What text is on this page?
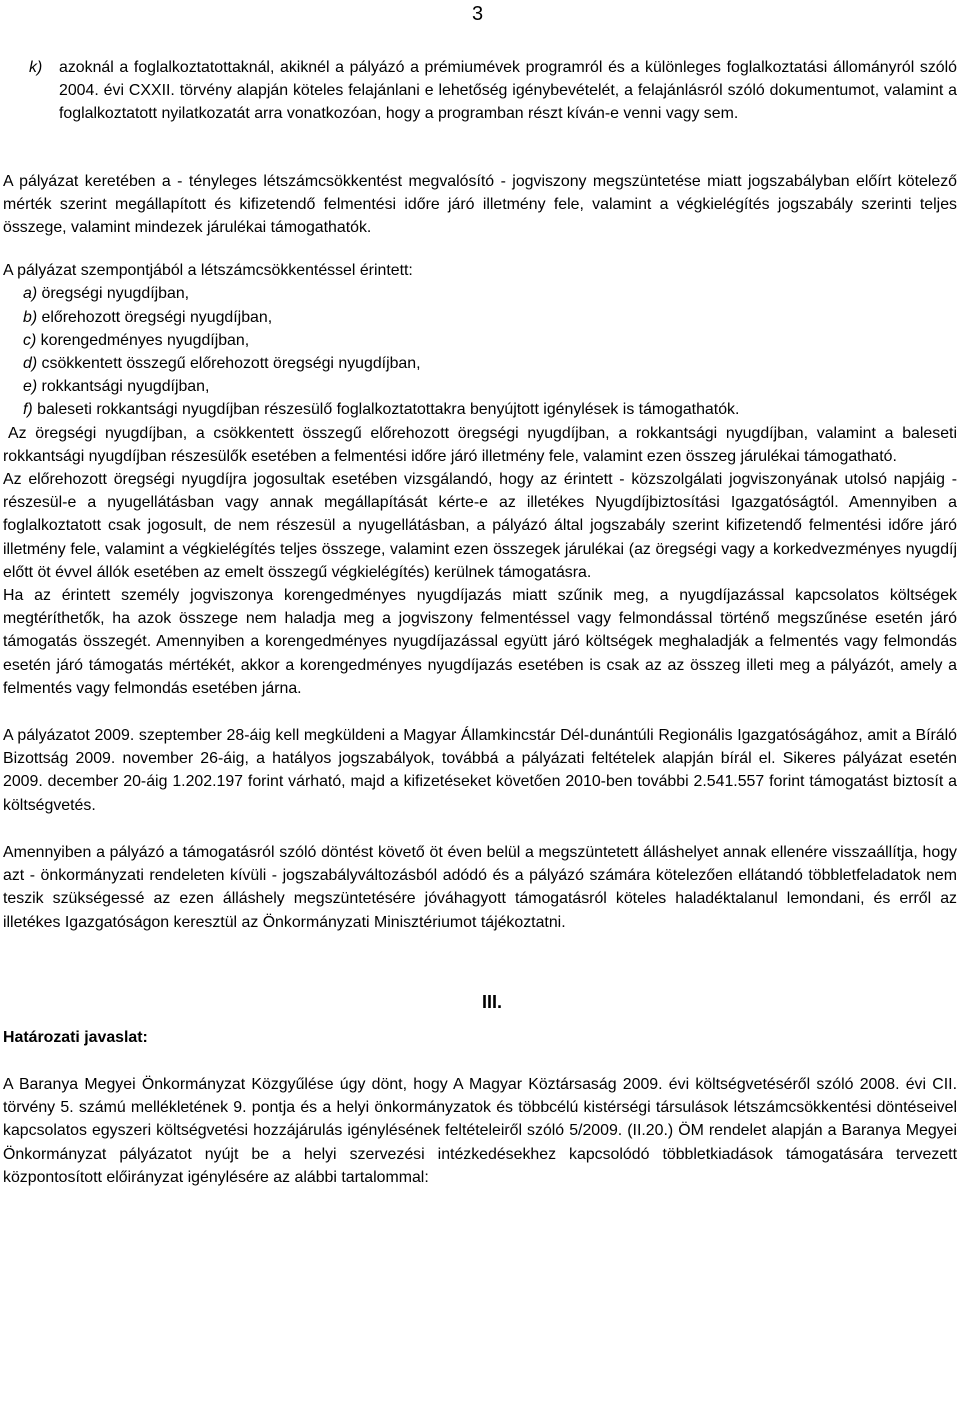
3
k)	azoknál a foglalkoztatottaknál, akiknél a pályázó a prémiumévek programról és a különleges foglalkoztatási állományról szóló 2004. évi CXXII. törvény alapján köteles felajánlani e lehetőség igénybevételét, a felajánlásról szóló dokumentumot, valamint a foglalkoztatott nyilatkozatát arra vonatkozóan, hogy a programban részt kíván-e venni vagy sem.

A pályázat keretében a - tényleges létszámcsökkentést megvalósító - jogviszony megszüntetése miatt jogszabályban előírt kötelező mérték szerint megállapított és kifizetendő felmentési időre járó illetmény fele, valamint a végkielégítés jogszabály szerinti teljes összege, valamint mindezek járulékai támogathatók.

A pályázat szempontjából a létszámcsökkentéssel érintett:

a) öregségi nyugdíjban,
b) előrehozott öregségi nyugdíjban,
c) korengedményes nyugdíjban,
d) csökkentett összegű előrehozott öregségi nyugdíjban,
e) rokkantsági nyugdíjban,
f) baleseti rokkantsági nyugdíjban részesülő foglalkoztatottakra benyújtott igénylések is támogathatók.

Az öregségi nyugdíjban, a csökkentett összegű előrehozott öregségi nyugdíjban, a rokkantsági nyugdíjban, valamint a baleseti rokkantsági nyugdíjban részesülők esetében a felmentési időre járó illetmény fele, valamint ezen összeg járulékai támogatható.

Az előrehozott öregségi nyugdíjra jogosultak esetében vizsgálandó, hogy az érintett - közszolgálati jogviszonyának utolsó napjáig - részesül-e a nyugellátásban vagy annak megállapítását kérte-e az illetékes Nyugdíjbiztosítási Igazgatóságtól. Amennyiben a foglalkoztatott csak jogosult, de nem részesül a nyugellátásban, a pályázó által jogszabály szerint kifizetendő felmentési időre járó illetmény fele, valamint a végkielégítés teljes összege, valamint ezen összegek járulékai (az öregségi vagy a korkedvezményes nyugdíj előtt öt évvel állók esetében az emelt összegű végkielégítés) kerülnek támogatásra.

Ha az érintett személy jogviszonya korengedményes nyugdíjazás miatt szűnik meg, a nyugdíjazással kapcsolatos költségek megtéríthetők, ha azok összege nem haladja meg a jogviszony felmentéssel vagy felmondással történő megszűnése esetén járó támogatás összegét. Amennyiben a korengedményes nyugdíjazással együtt járó költségek meghaladják a felmentés vagy felmondás esetén járó támogatás mértékét, akkor a korengedményes nyugdíjazás esetében is csak az az összeg illeti meg a pályázót, amely a felmentés vagy felmondás esetében járna.

A pályázatot 2009. szeptember 28-áig kell megküldeni a Magyar Államkincstár Dél-dunántúli Regionális Igazgatóságához, amit a Bíráló Bizottság 2009. november 26-áig, a hatályos jogszabályok, továbbá a pályázati feltételek alapján bírál el. Sikeres pályázat esetén 2009. december 20-áig 1.202.197 forint várható, majd a kifizetéseket követően 2010-ben további 2.541.557 forint támogatást biztosít a költségvetés.

Amennyiben a pályázó a támogatásról szóló döntést követő öt éven belül a megszüntetett álláshelyet annak ellenére visszaállítja, hogy azt - önkormányzati rendeleten kívüli - jogszabályváltozásból adódó és a pályázó számára kötelezően ellátandó többletfeladatok nem teszik szükségessé az ezen álláshely megszüntetésére jóváhagyott támogatásról köteles haladéktalanul lemondani, és erről az illetékes Igazgatóságon keresztül az Önkormányzati Minisztériumot tájékoztatni.

III.
Határozati javaslat:

A Baranya Megyei Önkormányzat Közgyűlése úgy dönt, hogy A Magyar Köztársaság 2009. évi költségvetéséről szóló 2008. évi CII. törvény 5. számú mellékletének 9. pontja és a helyi önkormányzatok és többcélú kistérségi társulások létszámcsökkentési döntéseivel kapcsolatos egyszeri költségvetési hozzájárulás igénylésének feltételeiről szóló 5/2009. (II.20.) ÖM rendelet alapján a Baranya Megyei Önkormányzat pályázatot nyújt be a helyi szervezési intézkedésekhez kapcsolódó többletkiadások támogatására tervezett központosított előirányzat igénylésére az alábbi tartalommal:
